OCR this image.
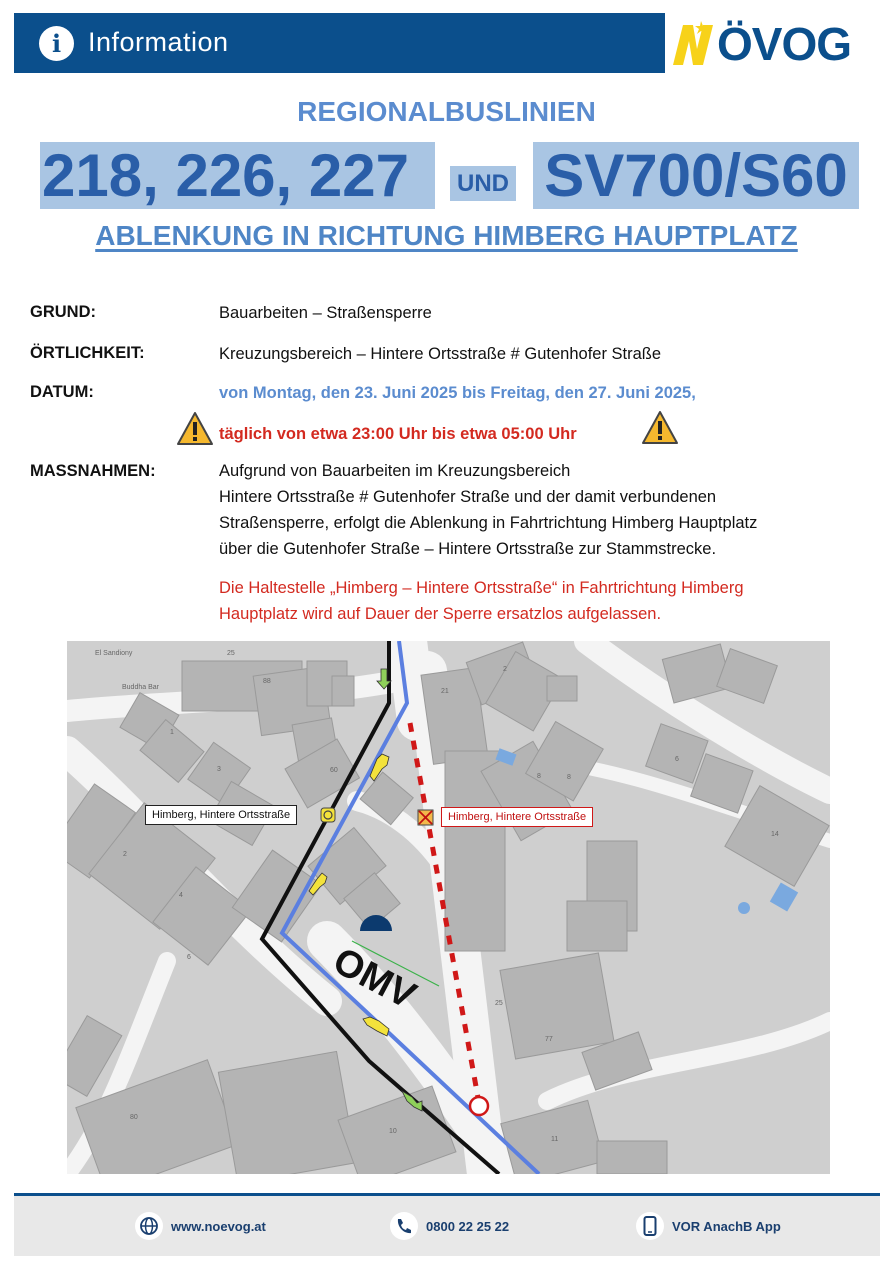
i Information	ÖVOG
REGIONALBUSLINIEN
218, 226, 227	UND SV700/S60
ABLENKUNG IN RICHTUNG HIMBERG HAUPTPLATZ
GRUND:	Bauarbeiten – Straßensperre
ÖRTLICHKEIT:	Kreuzungsbereich – Hintere Ortsstraße # Gutenhofer Straße
DATUM:	von Montag, den 23. Juni 2025 bis Freitag, den 27. Juni 2025,
täglich von etwa 23:00 Uhr bis etwa 05:00 Uhr
MASSNAHMEN:	Aufgrund von Bauarbeiten im Kreuzungsbereich
Hintere Ortsstraße # Gutenhofer Straße und der damit verbundenen
Straßensperre, erfolgt die Ablenkung in Fahrtrichtung Himberg Hauptplatz
über die Gutenhofer Straße – Hintere Ortsstraße zur Stammstrecke.
Die Haltestelle „Himberg – Hintere Ortsstraße“ in Fahrtrichtung Himberg
Hauptplatz wird auf Dauer der Sperre ersatzlos aufgelassen.
OMV
El Sandiony
Buddha Bar
25
88
21
2
1
60
3
8
6
14
2
4
6
8
25
77
80
10
11
Himberg, Hintere Ortsstraße	Himberg, Hintere Ortsstraße
www.noevog.at	0800 22 25 22	VOR AnachB App
